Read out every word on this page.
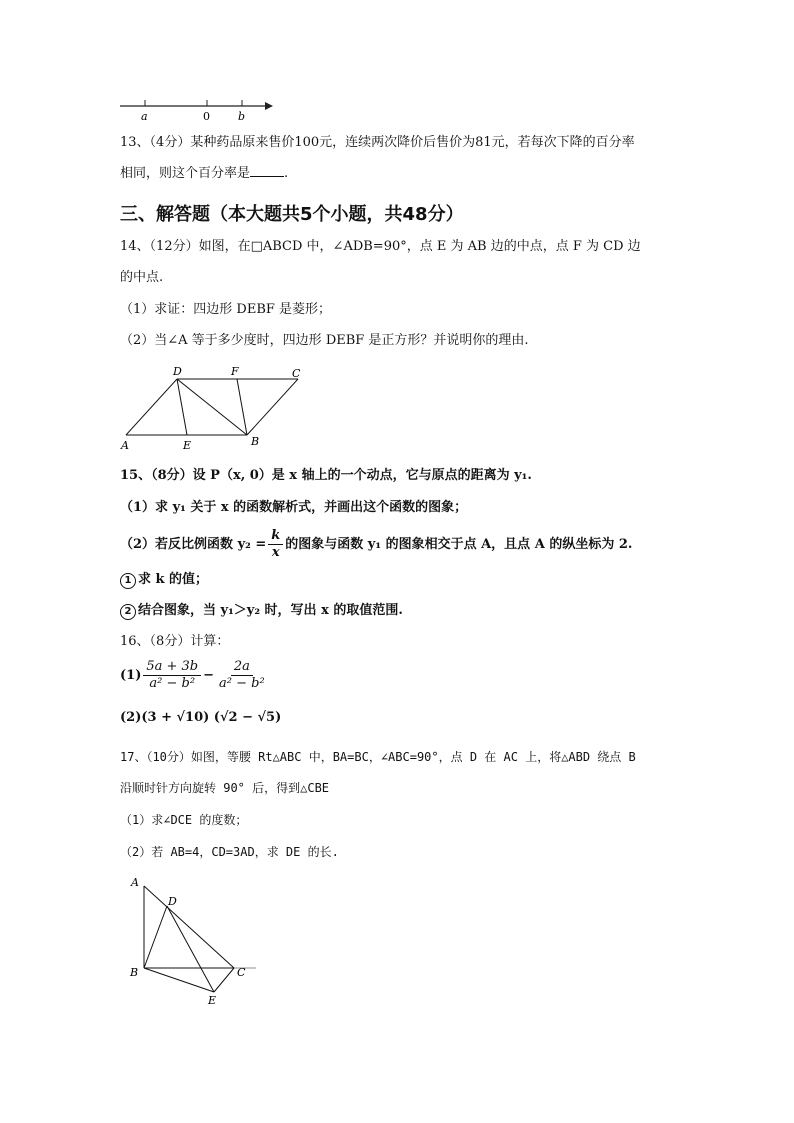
a	0	b
13、（4分）某种药品原来售价100元，连续两次降价后售价为81元，若每次下降的百分率
相同，则这个百分率是	.
三、解答题（本大题共5个小题，共48分）
14、（12分）如图，在□ABCD 中，∠ADB=90°，点 E 为 AB 边的中点，点 F 为 CD 边
的中点.
（1）求证：四边形 DEBF 是菱形；
（2）当∠A 等于多少度时，四边形 DEBF 是正方形？并说明你的理由.
D	F	C
A	E	B
15、（8分）设 P（x, 0）是 x 轴上的一个动点，它与原点的距离为 y₁.
（1）求 y₁ 关于 x 的函数解析式，并画出这个函数的图象；
（2）若反比例函数 $y_2 = \frac{k}{x}$ 的图象与函数 y₁ 的图象相交于点 A，且点 A 的纵坐标为 2.
1 求 k 的值；
2 结合图象，当 y₁＞y₂ 时，写出 x 的取值范围.
16、（8分）计算：
$(1) \frac{5a + 3b}{\text{a² − b²}} - \frac{2a}{\text{a² − b²}}$
(2)(3 + √10) (√2 − √5)
17、（10分）如图，等腰 Rt△ABC 中，BA=BC，∠ABC=90°，点 D 在 AC 上，将△ABD 绕点 B
沿顺时针方向旋转 90° 后，得到△CBE
（1）求∠DCE 的度数；
（2）若 AB=4，CD=3AD，求 DE 的长.
A
D
B	C
E
